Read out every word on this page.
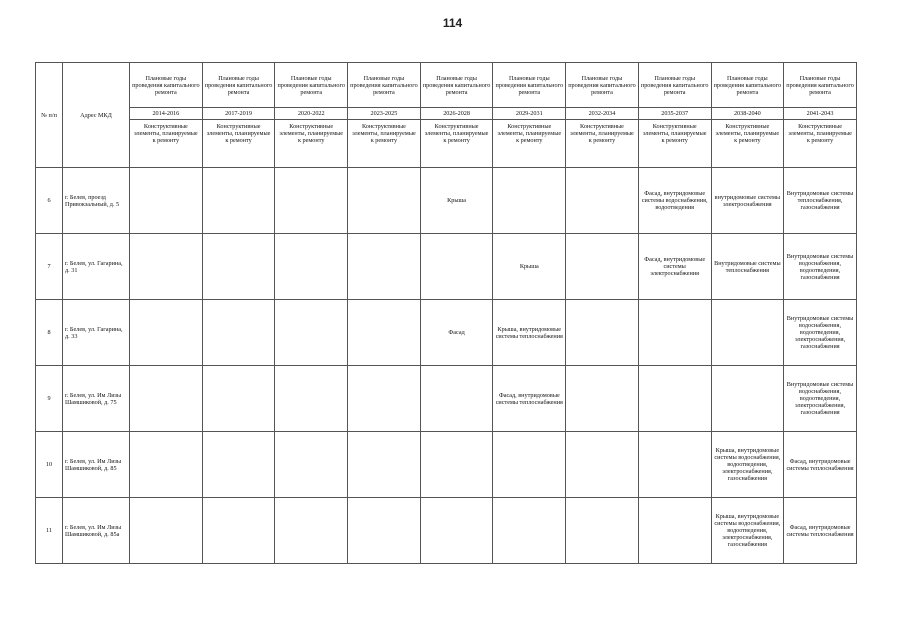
114
№ п/п	Адрес МКД	Плановые годы проведения капитального ремонта	Плановые годы проведения капитального ремонта	Плановые годы проведения капитального ремонта	Плановые годы проведения капитального ремонта	Плановые годы проведения капитального ремонта	Плановые годы проведения капитального ремонта	Плановые годы проведения капитального ремонта	Плановые годы проведения капитального ремонта	Плановые годы проведения капитального ремонта	Плановые годы проведения капитального ремонта
		2014-2016	2017-2019	2020-2022	2023-2025	2026-2028	2029-2031	2032-2034	2035-2037	2038-2040	2041-2043
		Конструктивные элементы, планируемые к ремонту	Конструктивные элементы, планируемые к ремонту	Конструктивные элементы, планируемые к ремонту	Конструктивные элементы, планируемые к ремонту	Конструктивные элементы, планируемые к ремонту	Конструктивные элементы, планируемые к ремонту	Конструктивные элементы, планируемые к ремонту	Конструктивные элементы, планируемые к ремонту	Конструктивные элементы, планируемые к ремонту	Конструктивные элементы, планируемые к ремонту
6	г. Белев, проезд Привокзальный, д. 5					Крыша			Фасад, внутридомовые системы водоснабжения, водоотведения	внутридомовые системы электроснабжения	Внутридомовые системы теплоснабжения, газоснабжения
7	г. Белев, ул. Гагарина, д. 31						Крыша		Фасад, внутридомовые системы электроснабжения	Внутридомовые системы теплоснабжения	Внутридомовые системы водоснабжения, водоотведения, газоснабжения
8	г. Белев, ул. Гагарина, д. 33					Фасад	Крыша, внутридомовые системы теплоснабжения				Внутридомовые системы водоснабжения, водоотведения, электроснабжения, газоснабжения
9	г. Белев, ул. Им Лизы Шамшиковой, д. 75						Фасад, внутридомовые системы теплоснабжения				Внутридомовые системы водоснабжения, водоотведения, электроснабжения, газоснабжения
10	г. Белев, ул. Им Лизы Шамшиковой, д. 85									Крыша, внутридомовые системы водоснабжения, водоотведения, электроснабжения, газоснабжения	Фасад, внутридомовые системы теплоснабжения
11	г. Белев, ул. Им Лизы Шамшиковой, д. 85а									Крыша, внутридомовые системы водоснабжения, водоотведения, электроснабжения, газоснабжения	Фасад, внутридомовые системы теплоснабжения
